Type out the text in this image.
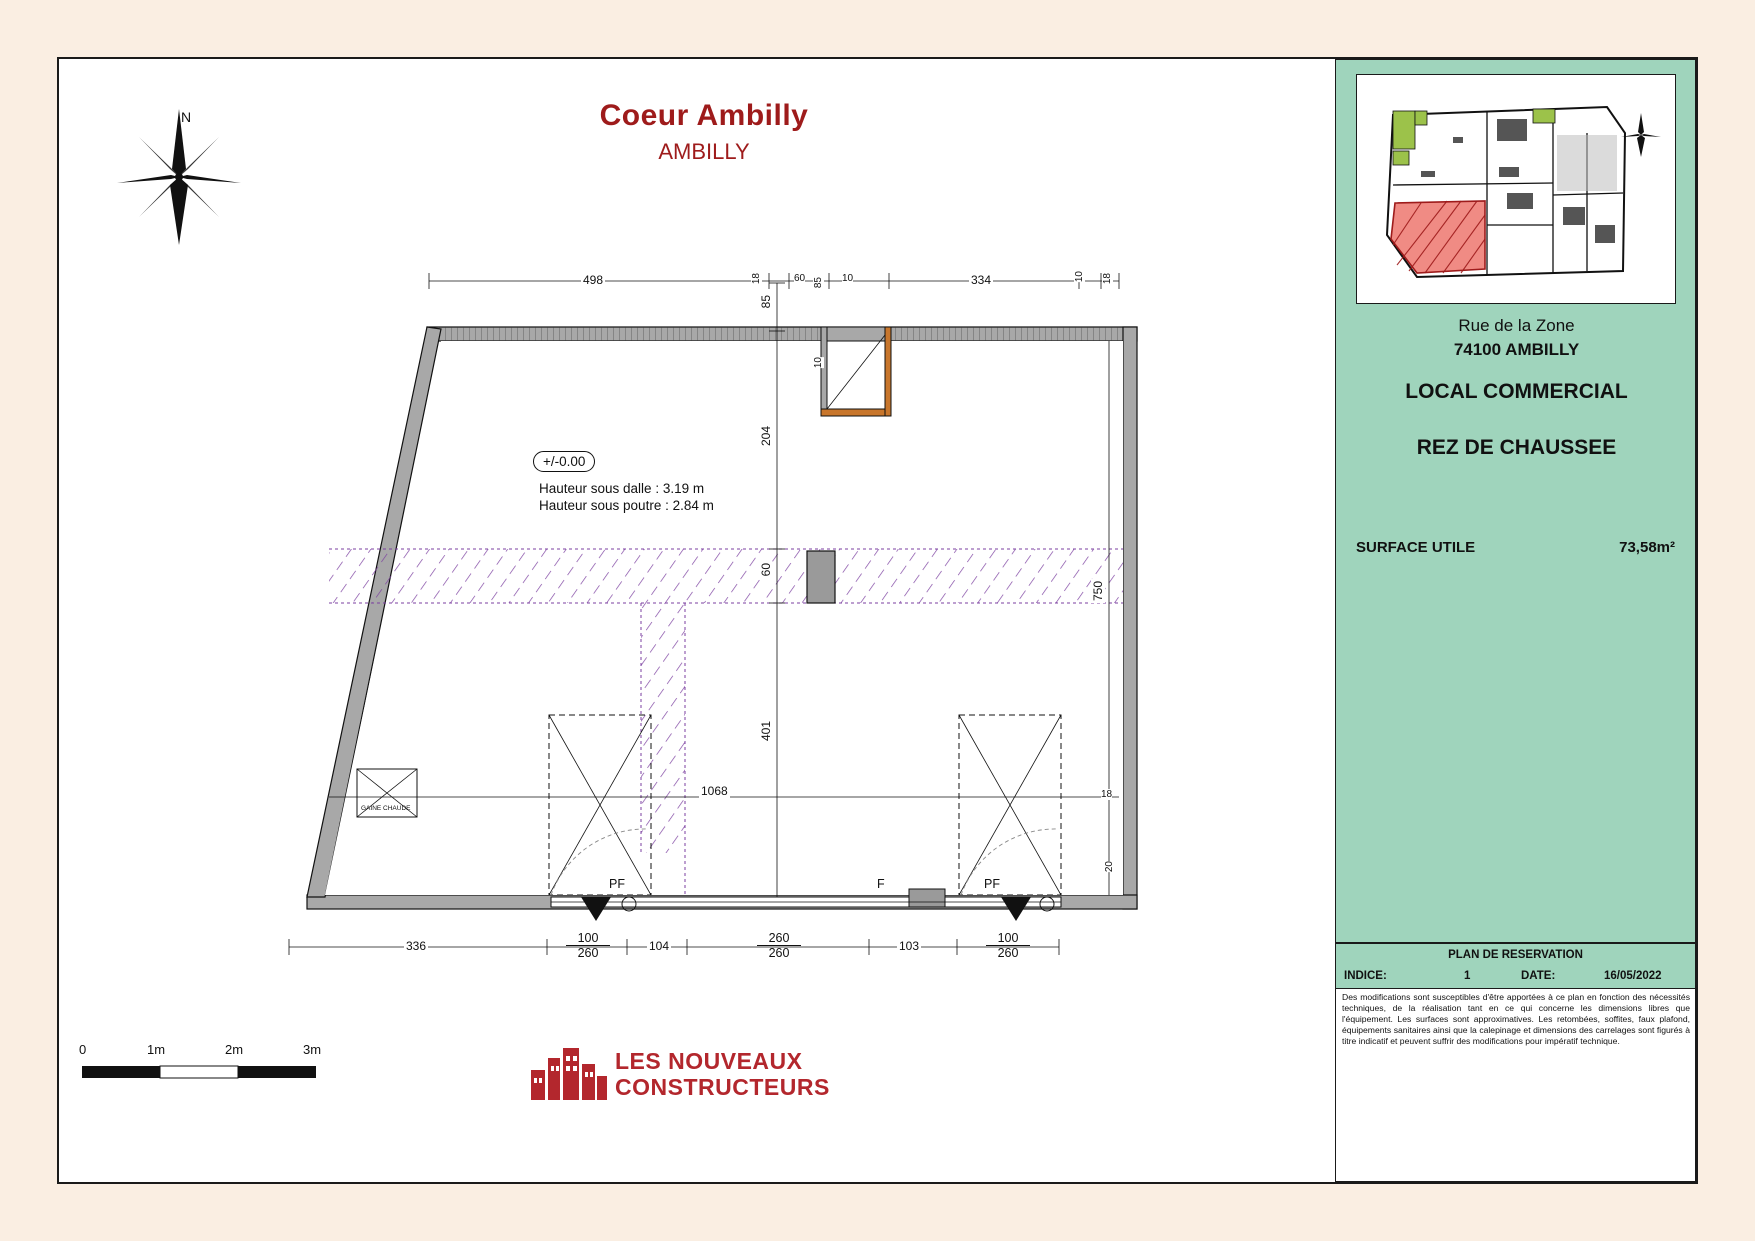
N	Coeur Ambilly
AMBILLY
498	18	60	10	334	10 18
85
10
85
204
60
401
750
18
20
1068
336
100
260
104
260
260
103
100
260
Hauteur sous dalle : 3.19 m
Hauteur sous poutre : 2.84 m
GAINE CHAUDE
PF	F	PF
+/-0.00
0	1m	2m	3m	LES NOUVEAUX
CONSTRUCTEURS
Rue de la Zone
74100 AMBILLY
LOCAL COMMERCIAL
REZ DE CHAUSSEE
SURFACE UTILE	73,58m²
PLAN DE RESERVATION
INDICE:	1	DATE:	16/05/2022
Des modifications sont susceptibles d'être apportées à ce plan en fonction des nécessités techniques, de la réalisation tant en ce qui concerne les dimensions libres que l'équipement. Les surfaces sont approximatives. Les retombées, soffites, faux plafond, équipements sanitaires ainsi que la calepinage et dimensions des carrelages sont figurés à titre indicatif et peuvent suffrir des modifications pour impératif technique.
